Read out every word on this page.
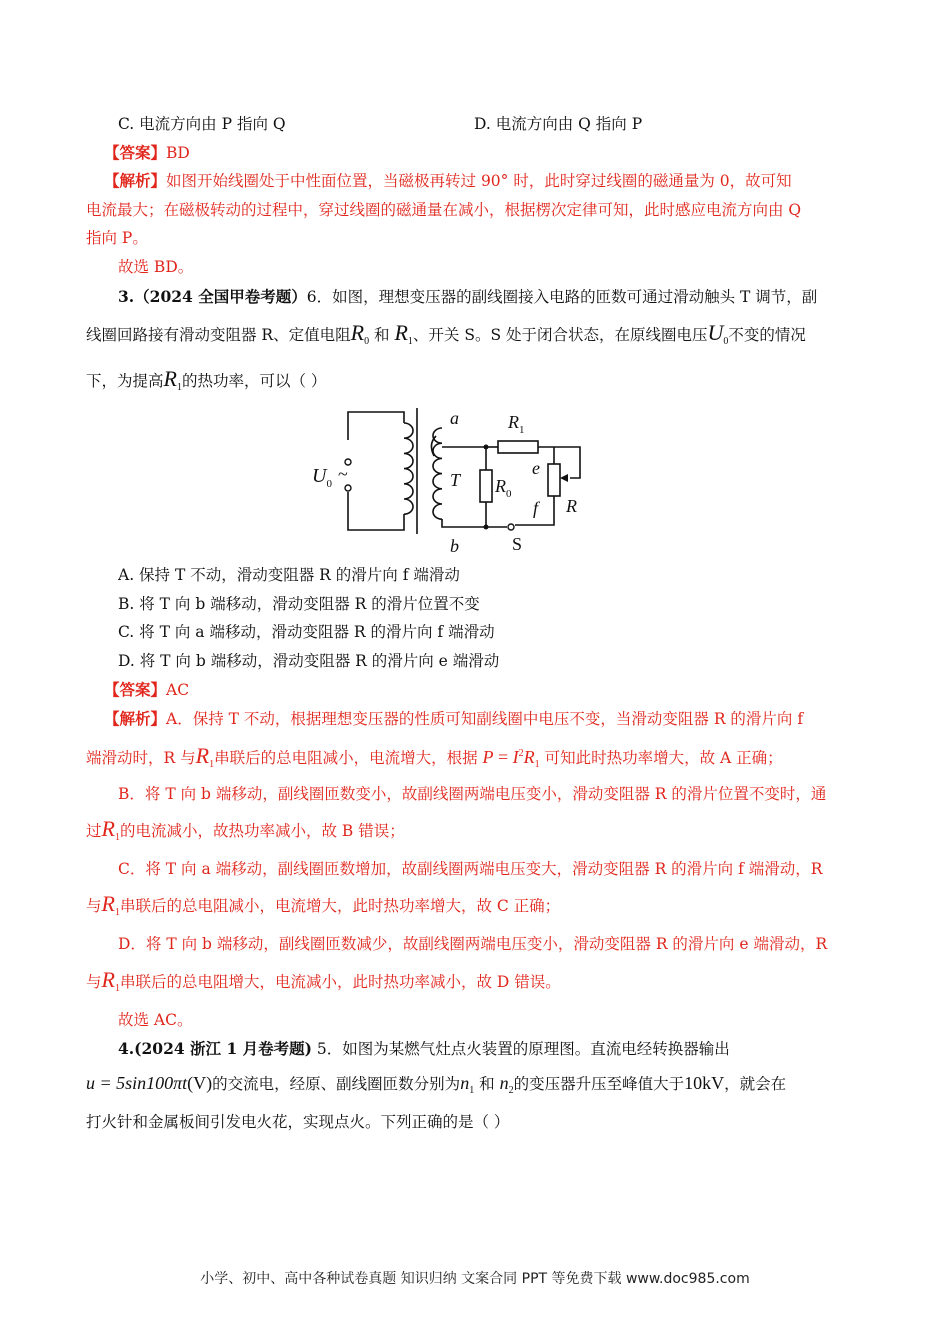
C. 电流方向由 P 指向 Q	D. 电流方向由 Q 指向 P
【答案】BD
【解析】如图开始线圈处于中性面位置，当磁极再转过 90° 时，此时穿过线圈的磁通量为 0，故可知
电流最大；在磁极转动的过程中，穿过线圈的磁通量在减小，根据楞次定律可知，此时感应电流方向由 Q
指向 P。
故选 BD。
3.（2024 全国甲卷考题）6．如图，理想变压器的副线圈接入电路的匝数可通过滑动触头 T 调节，副
线圈回路接有滑动变阻器 R、定值电阻$R_0$ 和 $R_1$、开关 S。S 处于闭合状态，在原线圈电压$U_0$不变的情况
下，为提高$R_1$的热功率，可以（ ）
a
b
T
$R_1$
$R_0$
e
f R
S
~
$U_0$
A. 保持 T 不动，滑动变阻器 R 的滑片向 f 端滑动
B. 将 T 向 b 端移动，滑动变阻器 R 的滑片位置不变
C. 将 T 向 a 端移动，滑动变阻器 R 的滑片向 f 端滑动
D. 将 T 向 b 端移动，滑动变阻器 R 的滑片向 e 端滑动
【答案】AC
【解析】A．保持 T 不动，根据理想变压器的性质可知副线圈中电压不变，当滑动变阻器 R 的滑片向 f
端滑动时，R 与$R_1$串联后的总电阻减小，电流增大，根据 $P = I^2R_1$ 可知此时热功率增大，故 A 正确；
B．将 T 向 b 端移动，副线圈匝数变小，故副线圈两端电压变小，滑动变阻器 R 的滑片位置不变时，通
过$R_1$的电流减小，故热功率减小，故 B 错误；
C．将 T 向 a 端移动，副线圈匝数增加，故副线圈两端电压变大，滑动变阻器 R 的滑片向 f 端滑动，R
与$R_1$串联后的总电阻减小，电流增大，此时热功率增大，故 C 正确；
D．将 T 向 b 端移动，副线圈匝数减少，故副线圈两端电压变小，滑动变阻器 R 的滑片向 e 端滑动，R
与$R_1$串联后的总电阻增大，电流减小，此时热功率减小，故 D 错误。
故选 AC。
4.(2024 浙江 1 月卷考题) 5．如图为某燃气灶点火装置的原理图。直流电经转换器输出
u = 5sin100πt(V)的交流电，经原、副线圈匝数分别为$n_1$ 和 $n_2$的变压器升压至峰值大于10kV，就会在
打火针和金属板间引发电火花，实现点火。下列正确的是（ ）
小学、初中、高中各种试卷真题 知识归纳 文案合同 PPT 等免费下载 www.doc985.com
